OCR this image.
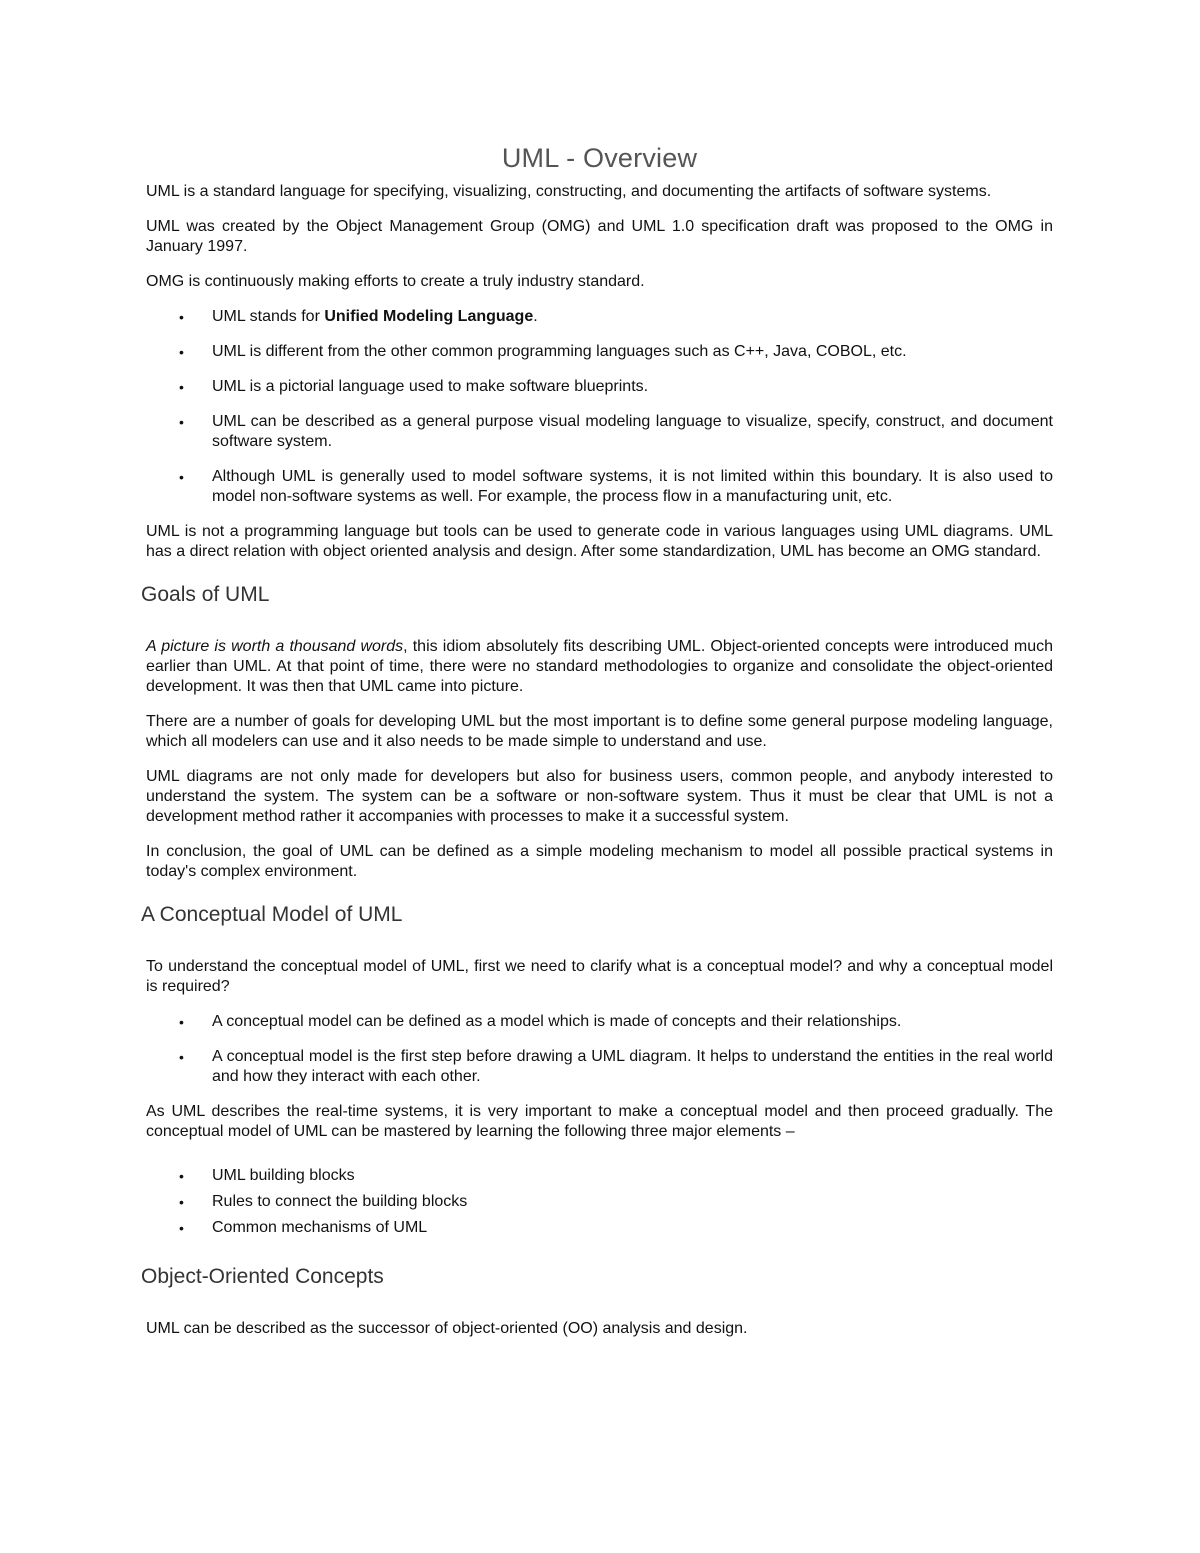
UML - Overview

UML is a standard language for specifying, visualizing, constructing, and documenting the artifacts of software systems.

UML was created by the Object Management Group (OMG) and UML 1.0 specification draft was proposed to the OMG in January 1997.

OMG is continuously making efforts to create a truly industry standard.

• UML stands for Unified Modeling Language.
• UML is different from the other common programming languages such as C++, Java, COBOL, etc.
• UML is a pictorial language used to make software blueprints.
• UML can be described as a general purpose visual modeling language to visualize, specify, construct, and document software system.
• Although UML is generally used to model software systems, it is not limited within this boundary. It is also used to model non-software systems as well. For example, the process flow in a manufacturing unit, etc.

UML is not a programming language but tools can be used to generate code in various languages using UML diagrams. UML has a direct relation with object oriented analysis and design. After some standardization, UML has become an OMG standard.

Goals of UML

A picture is worth a thousand words, this idiom absolutely fits describing UML. Object-oriented concepts were introduced much earlier than UML. At that point of time, there were no standard methodologies to organize and consolidate the object-oriented development. It was then that UML came into picture.

There are a number of goals for developing UML but the most important is to define some general purpose modeling language, which all modelers can use and it also needs to be made simple to understand and use.

UML diagrams are not only made for developers but also for business users, common people, and anybody interested to understand the system. The system can be a software or non-software system. Thus it must be clear that UML is not a development method rather it accompanies with processes to make it a successful system.

In conclusion, the goal of UML can be defined as a simple modeling mechanism to model all possible practical systems in today's complex environment.

A Conceptual Model of UML

To understand the conceptual model of UML, first we need to clarify what is a conceptual model? and why a conceptual model is required?

• A conceptual model can be defined as a model which is made of concepts and their relationships.
• A conceptual model is the first step before drawing a UML diagram. It helps to understand the entities in the real world and how they interact with each other.

As UML describes the real-time systems, it is very important to make a conceptual model and then proceed gradually. The conceptual model of UML can be mastered by learning the following three major elements –

• UML building blocks
• Rules to connect the building blocks
• Common mechanisms of UML
Object-Oriented Concepts

UML can be described as the successor of object-oriented (OO) analysis and design.
